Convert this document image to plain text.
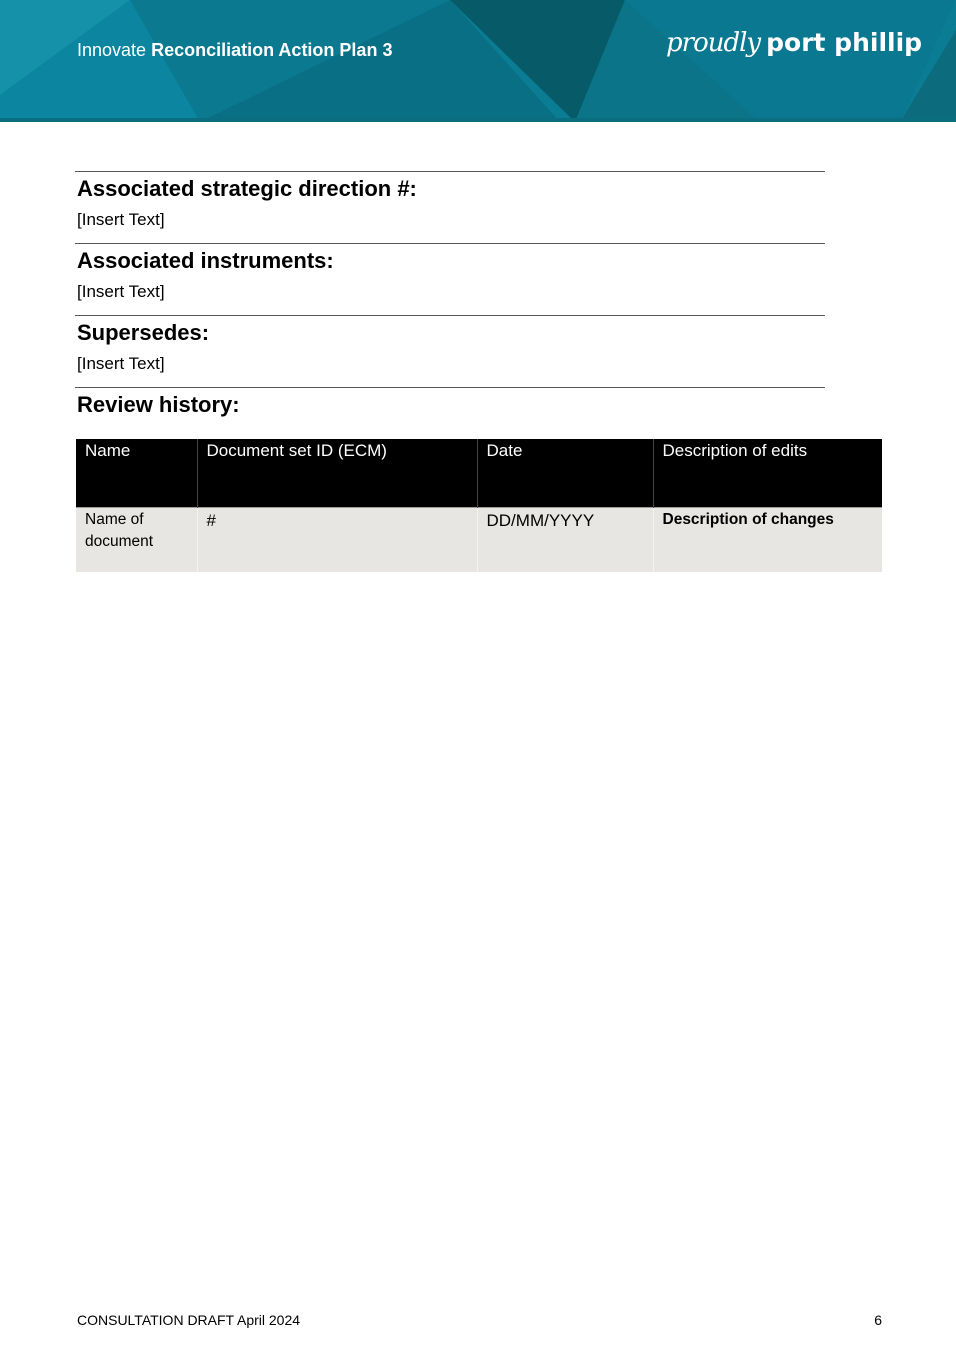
Innovate Reconciliation Action Plan 3	proudly port phillip
Associated strategic direction #:

[Insert Text]

Associated instruments:

[Insert Text]

Supersedes:

[Insert Text]

Review history:
Name	Document set ID (ECM)	Date	Description of edits
Name of document	#	DD/MM/YYYY	Description of changes
CONSULTATION DRAFT April 2024	6
